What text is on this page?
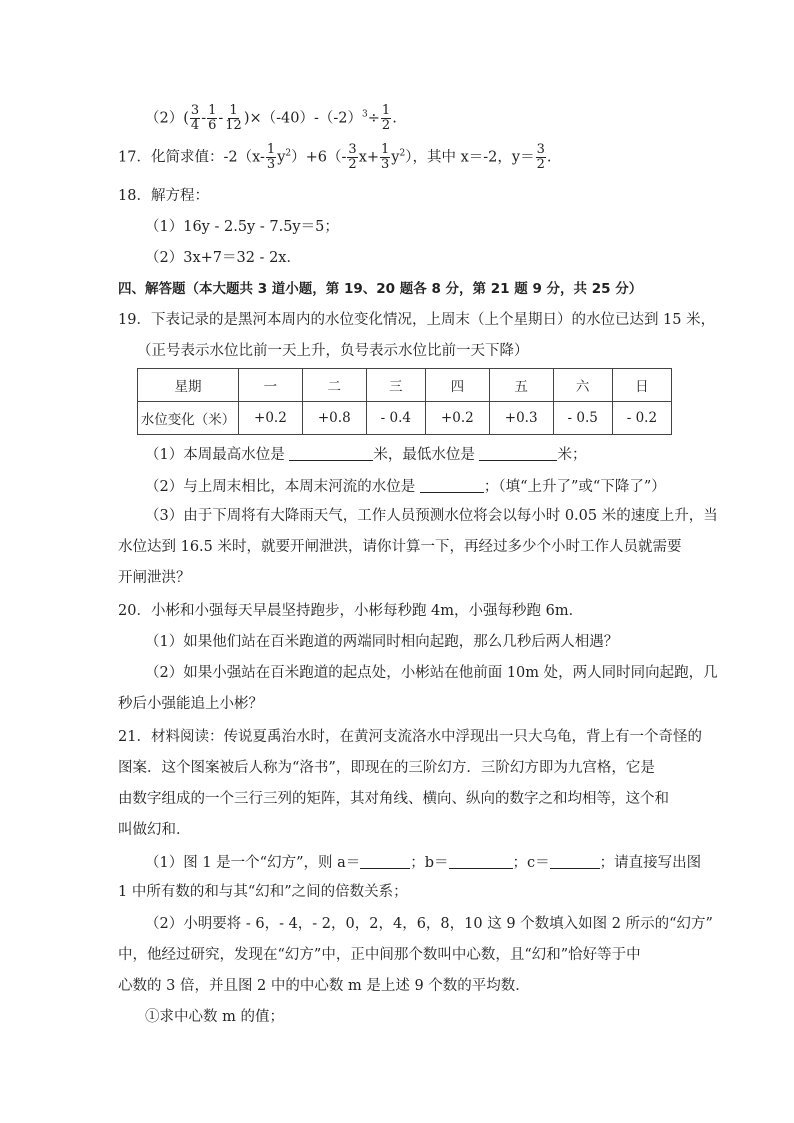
$(2)( \frac{3}{4} - \frac{1}{6} - \frac{1}{12} )\times(-40)-(-2)^3\div \frac{1}{2}$ .
17．化简求值：$-2(x- \frac{1}{3} y^2)+6(- \frac{3}{2} x+ \frac{1}{3} y^2)$，其中 x＝-2，$y= \frac{3}{2}$ .
18．解方程：
（1）16y - 2.5y - 7.5y＝5；
（2）3x+7＝32 - 2x．
四、解答题（本大题共 3 道小题，第 19、20 题各 8 分，第 21 题 9 分，共 25 分）
19．下表记录的是黑河本周内的水位变化情况，上周末（上个星期日）的水位已达到 15 米，
（正号表示水位比前一天上升，负号表示水位比前一天下降）
星期	一	二	三	四	五	六	日
水位变化（米）	+0.2	+0.8	- 0.4	+0.2	+0.3	- 0.5	- 0.2
（1）本周最高水位是	米，最低水位是	米；
（2）与上周末相比，本周末河流的水位是	；（填“上升了”或“下降了”）
（3）由于下周将有大降雨天气，工作人员预测水位将会以每小时 0.05 米的速度上升，当
水位达到 16.5 米时，就要开闸泄洪，请你计算一下，再经过多少个小时工作人员就需要
开闸泄洪？
20．小彬和小强每天早晨坚持跑步，小彬每秒跑 4m，小强每秒跑 6m．
（1）如果他们站在百米跑道的两端同时相向起跑，那么几秒后两人相遇？
（2）如果小强站在百米跑道的起点处，小彬站在他前面 10m 处，两人同时同向起跑，几
秒后小强能追上小彬？
21．材料阅读：传说夏禹治水时，在黄河支流洛水中浮现出一只大乌龟，背上有一个奇怪的
图案．这个图案被后人称为“洛书”，即现在的三阶幻方．三阶幻方即为九宫格，它是
由数字组成的一个三行三列的矩阵，其对角线、横向、纵向的数字之和均相等，这个和
叫做幻和．
（1）图 1 是一个“幻方”，则 a＝	；b＝	；c＝	；请直接写出图
1 中所有数的和与其“幻和”之间的倍数关系；
（2）小明要将 - 6，- 4，- 2，0，2，4，6，8，10 这 9 个数填入如图 2 所示的“幻方”
中，他经过研究，发现在“幻方”中，正中间那个数叫中心数，且“幻和”恰好等于中
心数的 3 倍，并且图 2 中的中心数 m 是上述 9 个数的平均数．
①求中心数 m 的值；
